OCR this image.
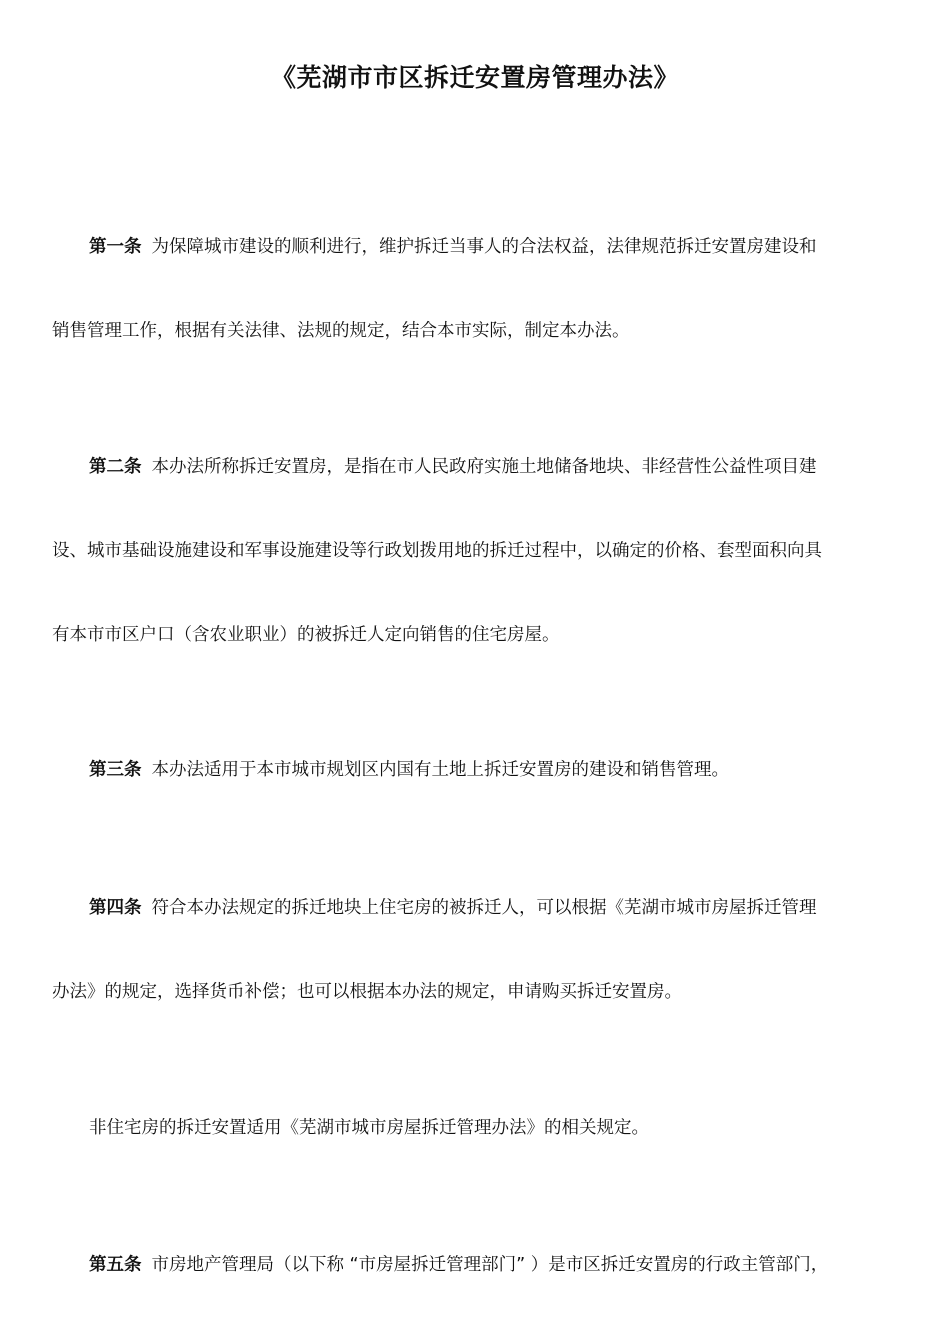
《芜湖市市区拆迁安置房管理办法》
第一条 为保障城市建设的顺利进行，维护拆迁当事人的合法权益，法律规范拆迁安置房建设和
销售管理工作，根据有关法律、法规的规定，结合本市实际，制定本办法。
第二条 本办法所称拆迁安置房，是指在市人民政府实施土地储备地块、非经营性公益性项目建
设、城市基础设施建设和军事设施建设等行政划拨用地的拆迁过程中，以确定的价格、套型面积向具
有本市市区户口（含农业职业）的被拆迁人定向销售的住宅房屋。
第三条 本办法适用于本市城市规划区内国有土地上拆迁安置房的建设和销售管理。
第四条 符合本办法规定的拆迁地块上住宅房的被拆迁人，可以根据《芜湖市城市房屋拆迁管理
办法》的规定，选择货币补偿；也可以根据本办法的规定，申请购买拆迁安置房。
非住宅房的拆迁安置适用《芜湖市城市房屋拆迁管理办法》的相关规定。
第五条 市房地产管理局（以下称 “市房屋拆迁管理部门” ）是市区拆迁安置房的行政主管部门，
